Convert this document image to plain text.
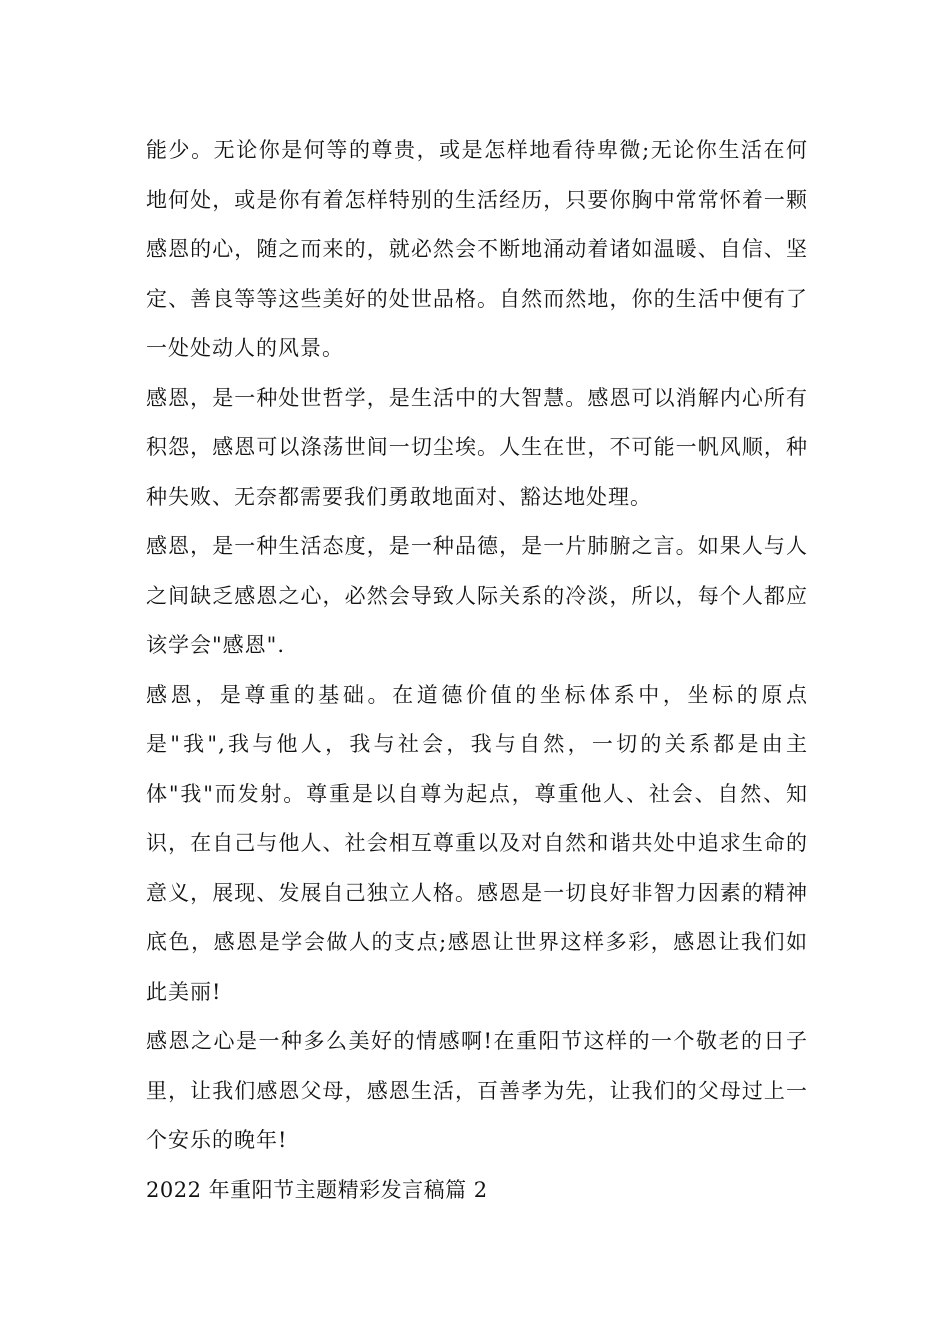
能少。无论你是何等的尊贵，或是怎样地看待卑微;无论你生活在何地何处，或是你有着怎样特别的生活经历，只要你胸中常常怀着一颗感恩的心，随之而来的，就必然会不断地涌动着诸如温暖、自信、坚定、善良等等这些美好的处世品格。自然而然地，你的生活中便有了一处处动人的风景。

感恩，是一种处世哲学，是生活中的大智慧。感恩可以消解内心所有积怨，感恩可以涤荡世间一切尘埃。人生在世，不可能一帆风顺，种种失败、无奈都需要我们勇敢地面对、豁达地处理。

感恩，是一种生活态度，是一种品德，是一片肺腑之言。如果人与人之间缺乏感恩之心，必然会导致人际关系的冷淡，所以，每个人都应该学会"感恩".

感恩，是尊重的基础。在道德价值的坐标体系中，坐标的原点是"我",我与他人，我与社会，我与自然，一切的关系都是由主体"我"而发射。尊重是以自尊为起点，尊重他人、社会、自然、知识，在自己与他人、社会相互尊重以及对自然和谐共处中追求生命的意义，展现、发展自己独立人格。感恩是一切良好非智力因素的精神底色，感恩是学会做人的支点;感恩让世界这样多彩，感恩让我们如此美丽!

感恩之心是一种多么美好的情感啊!在重阳节这样的一个敬老的日子里，让我们感恩父母，感恩生活，百善孝为先，让我们的父母过上一个安乐的晚年!

2022 年重阳节主题精彩发言稿篇 2
